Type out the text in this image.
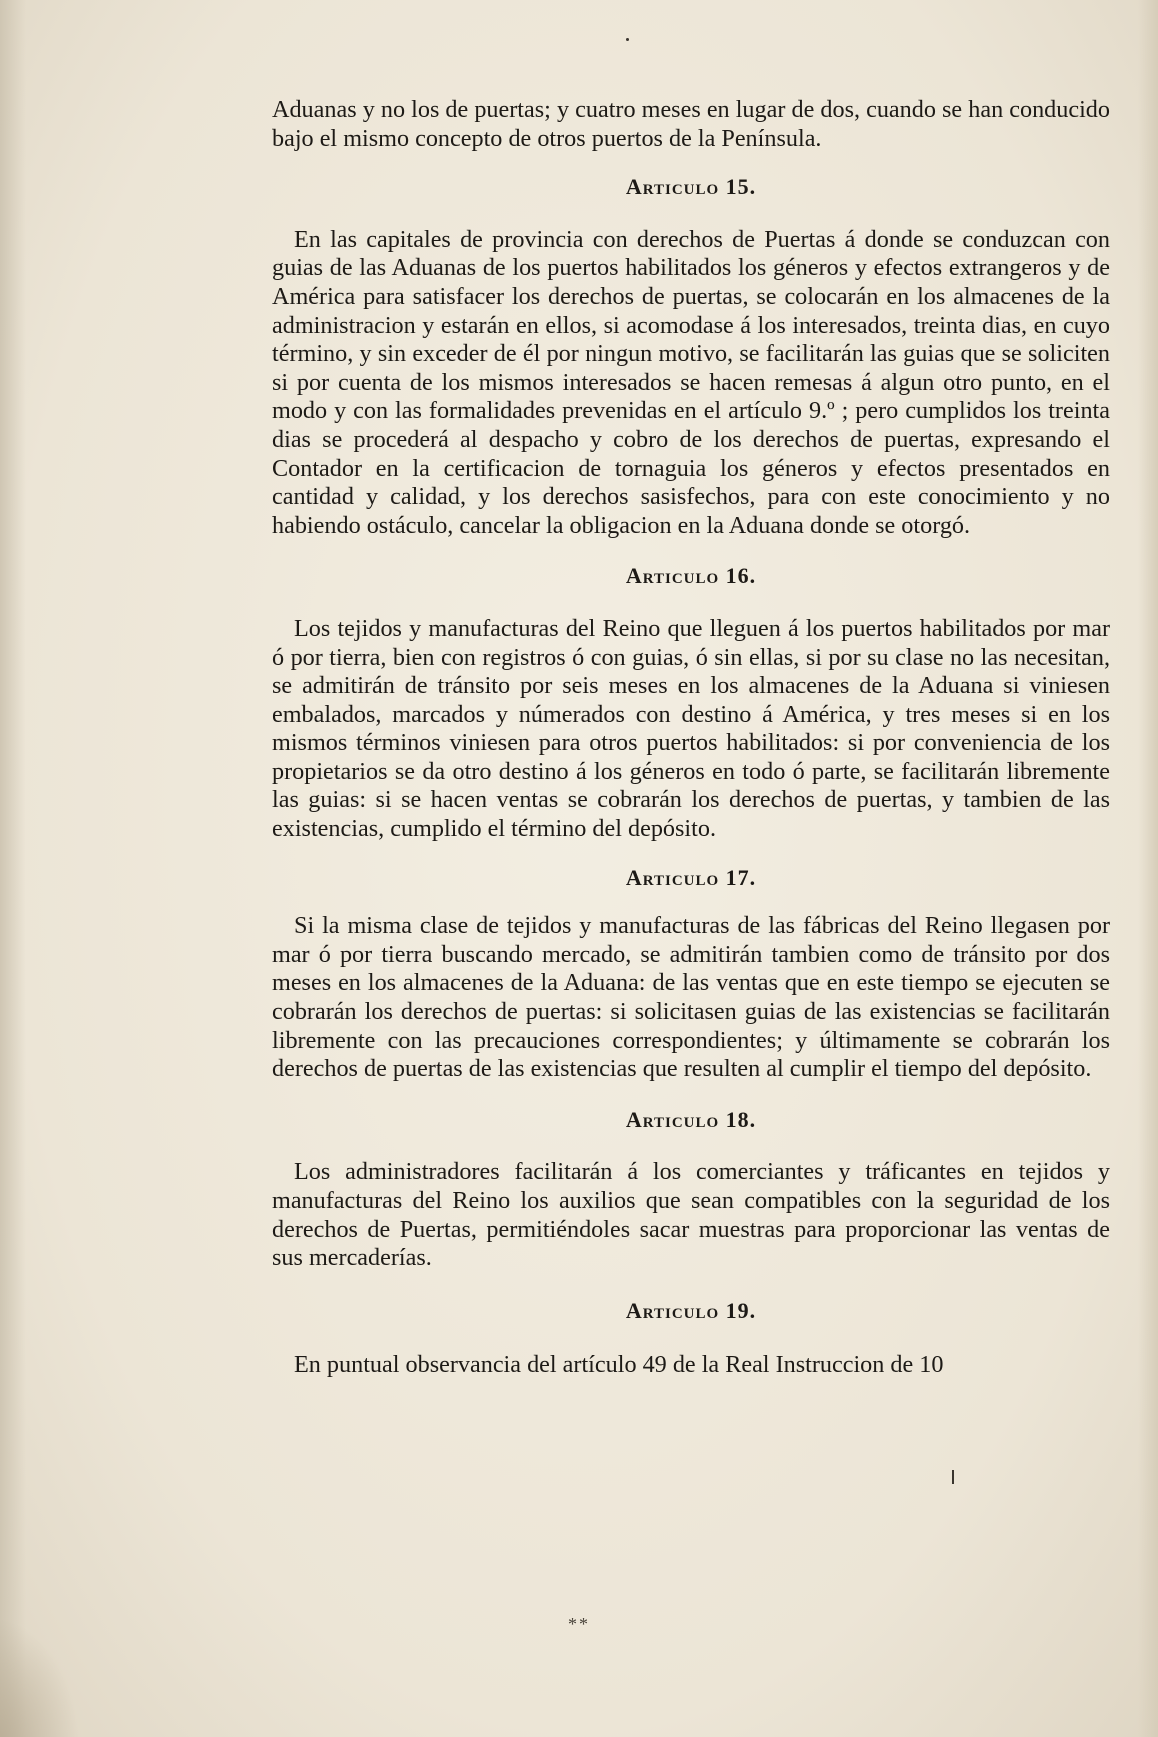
Aduanas y no los de puertas; y cuatro meses en lugar de dos, cuando se han conducido bajo el mismo concepto de otros puertos de la Península.

Articulo 15.

En las capitales de provincia con derechos de Puertas á donde se conduzcan con guias de las Aduanas de los puertos habilitados los géneros y efectos extrangeros y de América para satisfacer los derechos de puertas, se colocarán en los almacenes de la administracion y estarán en ellos, si acomodase á los interesados, treinta dias, en cuyo término, y sin exceder de él por ningun motivo, se facilitarán las guias que se soliciten si por cuenta de los mismos interesados se hacen remesas á algun otro punto, en el modo y con las formalidades prevenidas en el artículo 9.º ; pero cumplidos los treinta dias se procederá al despacho y cobro de los derechos de puertas, expresando el Contador en la certificacion de tornaguia los géneros y efectos presentados en cantidad y calidad, y los derechos sasisfechos, para con este conocimiento y no habiendo ostáculo, cancelar la obligacion en la Aduana donde se otorgó.

Articulo 16.

Los tejidos y manufacturas del Reino que lleguen á los puertos habilitados por mar ó por tierra, bien con registros ó con guias, ó sin ellas, si por su clase no las necesitan, se admitirán de tránsito por seis meses en los almacenes de la Aduana si viniesen embalados, marcados y númerados con destino á América, y tres meses si en los mismos términos viniesen para otros puertos habilitados: si por conveniencia de los propietarios se da otro destino á los géneros en todo ó parte, se facilitarán libremente las guias: si se hacen ventas se cobrarán los derechos de puertas, y tambien de las existencias, cumplido el término del depósito.

Articulo 17.

Si la misma clase de tejidos y manufacturas de las fábricas del Reino llegasen por mar ó por tierra buscando mercado, se admitirán tambien como de tránsito por dos meses en los almacenes de la Aduana: de las ventas que en este tiempo se ejecuten se cobrarán los derechos de puertas: si solicitasen guias de las existencias se facilitarán libremente con las precauciones correspondientes; y últimamente se cobrarán los derechos de puertas de las existencias que resulten al cumplir el tiempo del depósito.

Articulo 18.

Los administradores facilitarán á los comerciantes y tráficantes en tejidos y manufacturas del Reino los auxilios que sean compatibles con la seguridad de los derechos de Puertas, permitiéndoles sacar muestras para proporcionar las ventas de sus mercaderías.

Articulo 19.

En puntual observancia del artículo 49 de la Real Instruccion de 10

**
